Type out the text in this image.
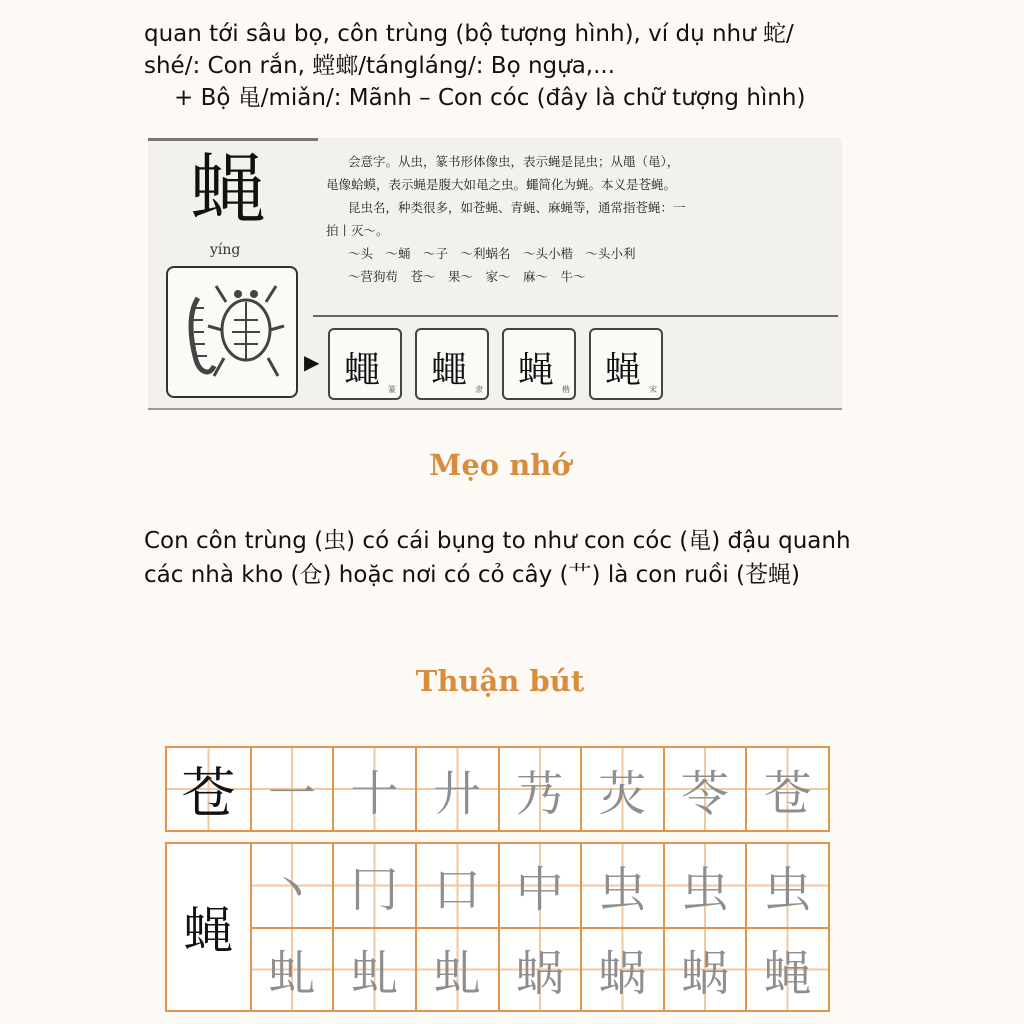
quan tới sâu bọ, côn trùng (bộ tượng hình), ví dụ như 蛇/

shé/: Con rắn, 螳螂/tángláng/: Bọ ngựa,...

+ Bộ 黾/miǎn/: Mãnh – Con cóc (đây là chữ tượng hình)

蝇
yíng

会意字。从虫，篆书形体像虫，表示蝇是昆虫；从黽（黾），

黾像蛤蟆，表示蝇是腹大如黾之虫。蠅简化为蝇。本义是苍蝇。

昆虫名，种类很多，如苍蝇、青蝇、麻蝇等，通常指苍蝇：一

拍丨灭～。

～头　～蛹　～子　～利蜗名　～头小楷　～头小利

～营狗苟　苍～　果～　家～　麻～　牛～

▶ 蠅 篆 蠅 隶 蝇 楷 蝇 宋
Mẹo nhớ

Con côn trùng (虫) có cái bụng to như con cóc (黾) đậu quanh

các nhà kho (仓) hoặc nơi có cỏ cây (艹) là con ruồi (苍蝇)

Thuận bút
苍 一 十 廾 艿 苂 苓 苍
蝇
丶 冂 口 中 虫 虫 虫
虬 虬 虬 蜗 蜗 蜗 蝇
